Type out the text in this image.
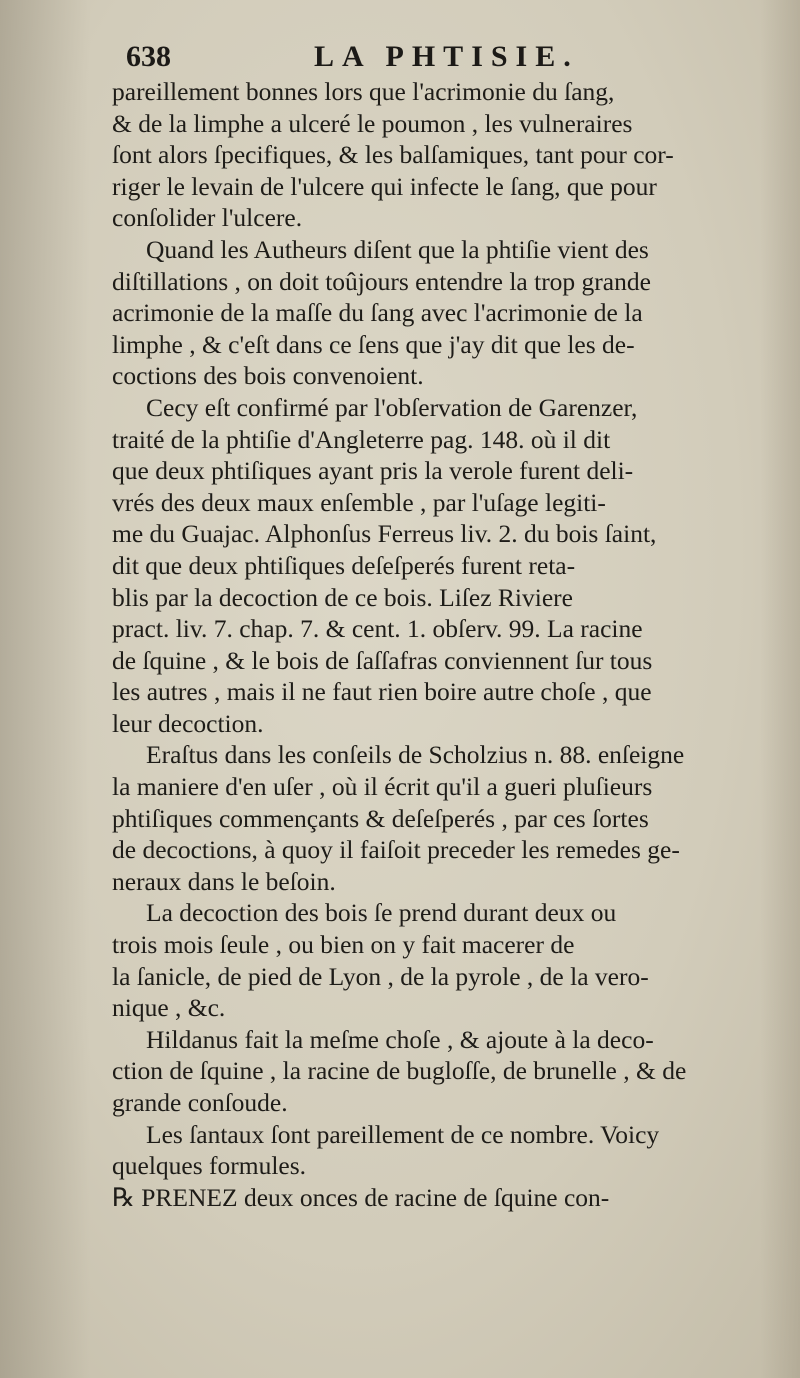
638	LA PHTISIE.
pareillement bonnes lors que l'acrimonie du ſang,
& de la limphe a ulceré le poumon , les vulneraires
ſont alors ſpecifiques, & les balſamiques, tant pour cor-
riger le levain de l'ulcere qui infecte le ſang, que pour
conſolider l'ulcere.
Quand les Autheurs diſent que la phtiſie vient des
diſtillations , on doit toûjours entendre la trop grande
acrimonie de la maſſe du ſang avec l'acrimonie de la
limphe , & c'eſt dans ce ſens que j'ay dit que les de-
coctions des bois convenoient.
Cecy eſt confirmé par l'obſervation de Garenzer,
traité de la phtiſie d'Angleterre pag. 148. où il dit
que deux phtiſiques ayant pris la verole furent deli-
vrés des deux maux enſemble , par l'uſage legiti-
me du Guajac. Alphonſus Ferreus liv. 2. du bois ſaint,
dit que deux phtiſiques deſeſperés furent reta-
blis par la decoction de ce bois. Liſez Riviere
pract. liv. 7. chap. 7. & cent. 1. obſerv. 99. La racine
de ſquine , & le bois de ſaſſafras conviennent ſur tous
les autres , mais il ne faut rien boire autre choſe , que
leur decoction.
Eraſtus dans les conſeils de Scholzius n. 88. enſeigne
la maniere d'en uſer , où il écrit qu'il a gueri pluſieurs
phtiſiques commençants & deſeſperés , par ces ſortes
de decoctions, à quoy il faiſoit preceder les remedes ge-
neraux dans le beſoin.
La decoction des bois ſe prend durant deux ou
trois mois ſeule , ou bien on y fait macerer de
la ſanicle, de pied de Lyon , de la pyrole , de la vero-
nique , &c.
Hildanus fait la meſme choſe , & ajoute à la deco-
ction de ſquine , la racine de bugloſſe, de brunelle , & de
grande conſoude.
Les ſantaux ſont pareillement de ce nombre. Voicy
quelques formules.
℞ PRENEZ deux onces de racine de ſquine con-
